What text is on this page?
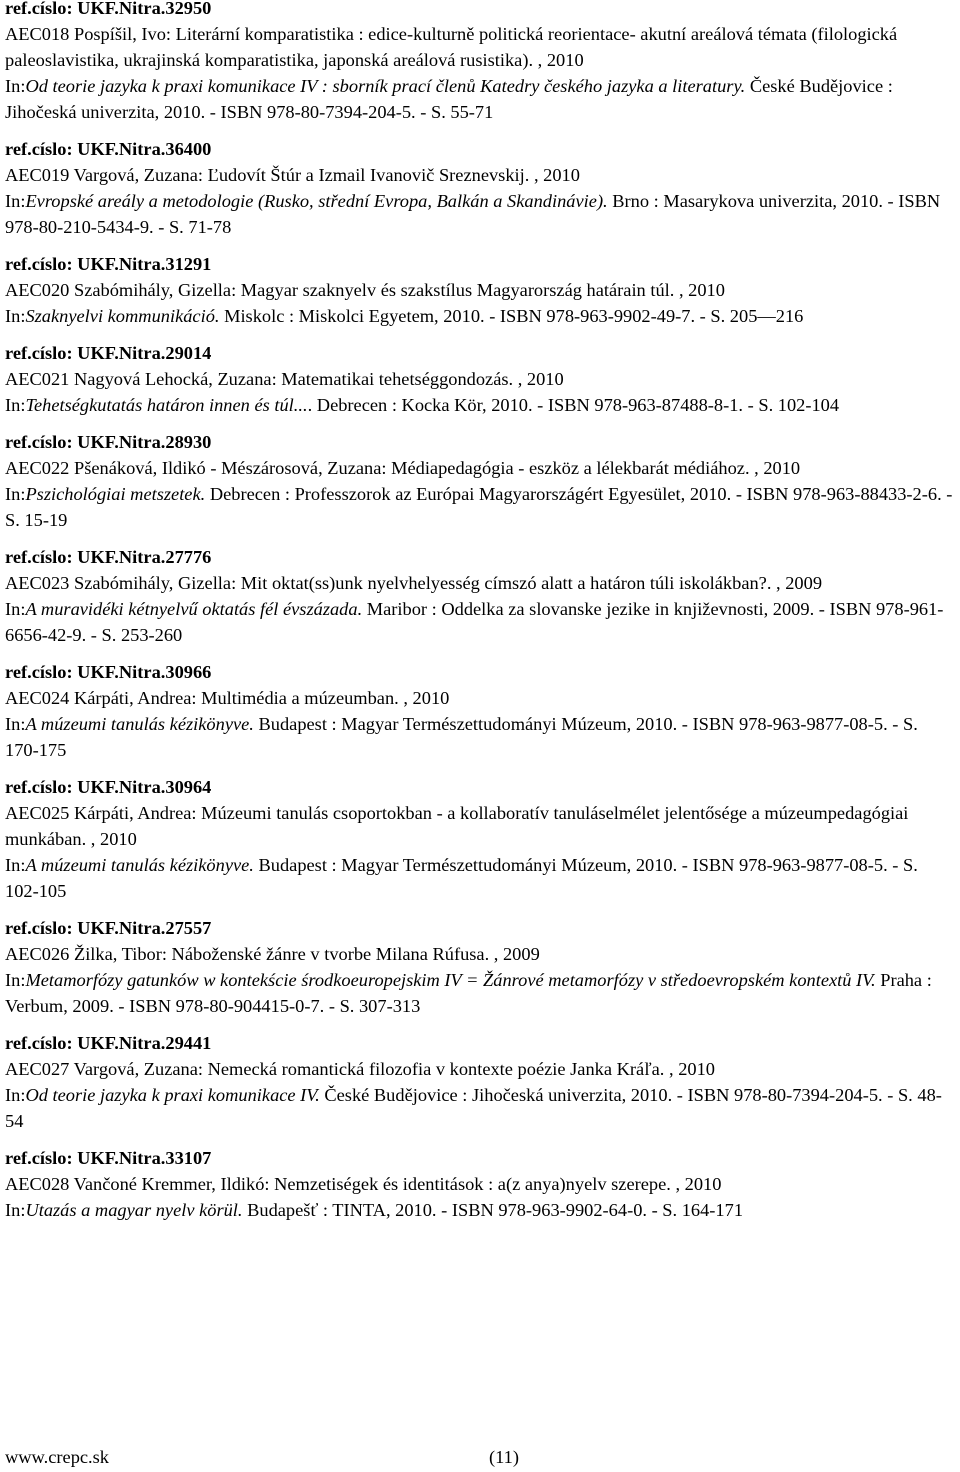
ref.císlo: UKF.Nitra.32950
AEC018 Pospíšil, Ivo: Literární komparatistika : edice-kulturně politická reorientace- akutní areálová témata (filologická paleoslavistika, ukrajinská komparatistika, japonská areálová rusistika). , 2010
In:Od teorie jazyka k praxi komunikace IV : sborník prací členů Katedry českého jazyka a literatury. České Budějovice : Jihočeská univerzita, 2010. - ISBN 978-80-7394-204-5. - S. 55-71
ref.císlo: UKF.Nitra.36400
AEC019 Vargová, Zuzana: Ľudovít Štúr a Izmail Ivanovič Sreznevskij. , 2010
In:Evropské areály a metodologie (Rusko, střední Evropa, Balkán a Skandinávie). Brno : Masarykova univerzita, 2010. - ISBN 978-80-210-5434-9. - S. 71-78
ref.císlo: UKF.Nitra.31291
AEC020 Szabómihály, Gizella: Magyar szaknyelv és szakstílus Magyarország határain túl. , 2010
In:Szaknyelvi kommunikáció. Miskolc : Miskolci Egyetem, 2010. - ISBN 978-963-9902-49-7. - S. 205—216
ref.císlo: UKF.Nitra.29014
AEC021 Nagyová Lehocká, Zuzana: Matematikai tehetséggondozás. , 2010
In:Tehetségkutatás határon innen és túl.... Debrecen : Kocka Kör, 2010. - ISBN 978-963-87488-8-1. - S. 102-104
ref.císlo: UKF.Nitra.28930
AEC022 Pšenáková, Ildikó - Mészárosová, Zuzana: Médiapedagógia - eszköz a lélekbarát médiához. , 2010
In:Pszichológiai metszetek. Debrecen : Professzorok az Európai Magyarországért Egyesület, 2010. - ISBN 978-963-88433-2-6. - S. 15-19
ref.císlo: UKF.Nitra.27776
AEC023 Szabómihály, Gizella: Mit oktat(ss)unk nyelvhelyesség címszó alatt a határon túli iskolákban?. , 2009
In:A muravidéki kétnyelvű oktatás fél évszázada. Maribor : Oddelka za slovanske jezike in književnosti, 2009. - ISBN 978-961-6656-42-9. - S. 253-260
ref.císlo: UKF.Nitra.30966
AEC024 Kárpáti, Andrea: Multimédia a múzeumban. , 2010
In:A múzeumi tanulás kézikönyve. Budapest : Magyar Természettudományi Múzeum, 2010. - ISBN 978-963-9877-08-5. - S. 170-175
ref.císlo: UKF.Nitra.30964
AEC025 Kárpáti, Andrea: Múzeumi tanulás csoportokban - a kollaboratív tanuláselmélet jelentősége a múzeumpedagógiai munkában. , 2010
In:A múzeumi tanulás kézikönyve. Budapest : Magyar Természettudományi Múzeum, 2010. - ISBN 978-963-9877-08-5. - S. 102-105
ref.císlo: UKF.Nitra.27557
AEC026 Žilka, Tibor: Náboženské žánre v tvorbe Milana Rúfusa. , 2009
In:Metamorfózy gatunków w kontekście środkoeuropejskim IV = Žánrové metamorfózy v středoevropském kontextů IV. Praha : Verbum, 2009. - ISBN 978-80-904415-0-7. - S. 307-313
ref.císlo: UKF.Nitra.29441
AEC027 Vargová, Zuzana: Nemecká romantická filozofia v kontexte poézie Janka Kráľa. , 2010
In:Od teorie jazyka k praxi komunikace IV. České Budějovice : Jihočeská univerzita, 2010. - ISBN 978-80-7394-204-5. - S. 48-54
ref.císlo: UKF.Nitra.33107
AEC028 Vančoné Kremmer, Ildikó: Nemzetiségek és identitások : a(z anya)nyelv szerepe. , 2010
In:Utazás a magyar nyelv körül. Budapešť : TINTA, 2010. - ISBN 978-963-9902-64-0. - S. 164-171
www.crepc.sk	(11)
